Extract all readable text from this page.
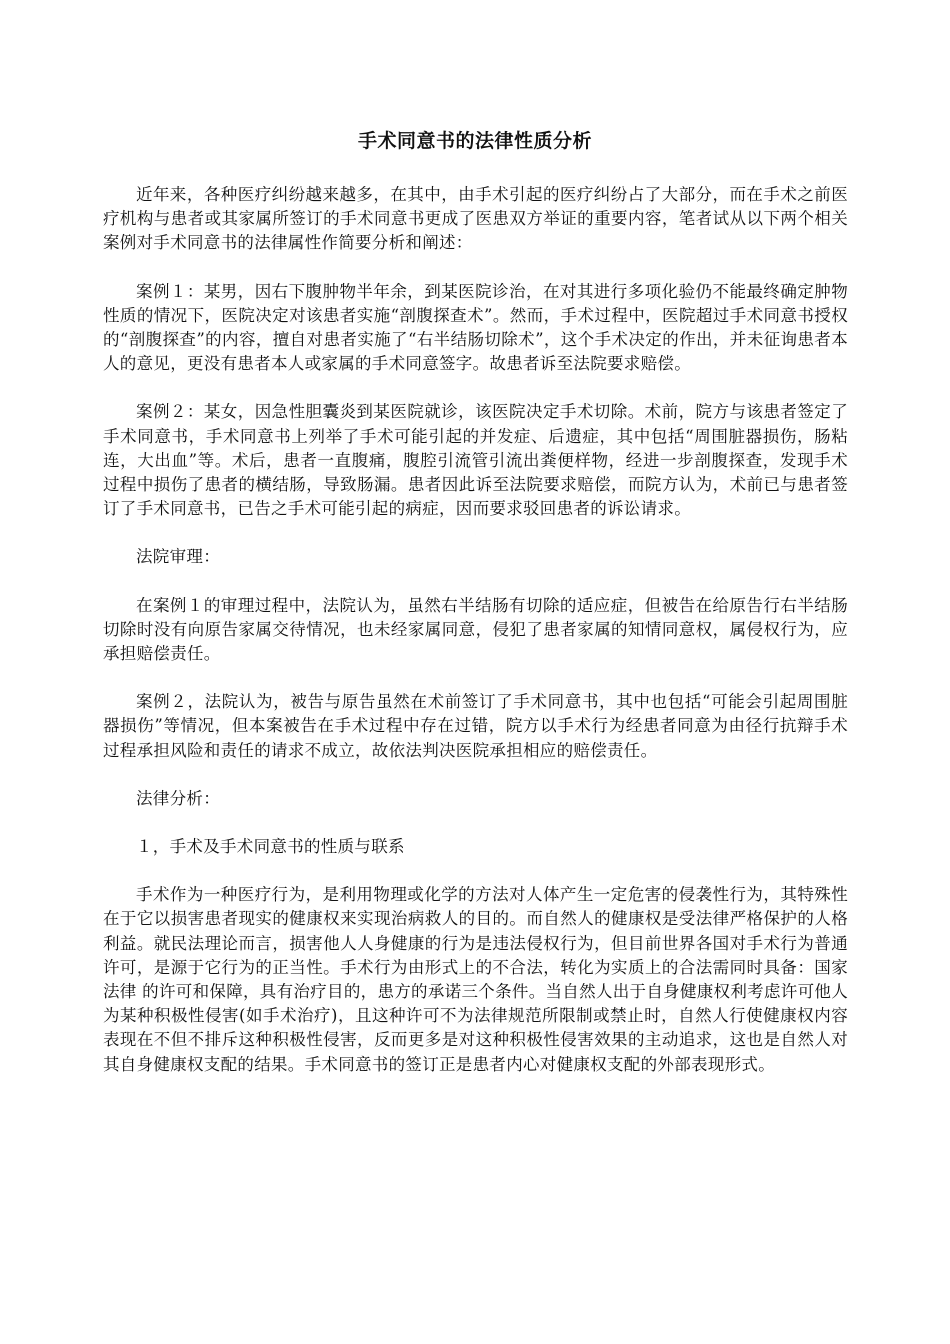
手术同意书的法律性质分析

近年来，各种医疗纠纷越来越多，在其中，由手术引起的医疗纠纷占了大部分，而在手术之前医疗机构与患者或其家属所签订的手术同意书更成了医患双方举证的重要内容，笔者试从以下两个相关案例对手术同意书的法律属性作简要分析和阐述：

案例１：某男，因右下腹肿物半年余，到某医院诊治，在对其进行多项化验仍不能最终确定肿物性质的情况下，医院决定对该患者实施“剖腹探查术”。然而，手术过程中，医院超过手术同意书授权的“剖腹探查”的内容，擅自对患者实施了“右半结肠切除术”，这个手术决定的作出，并未征询患者本人的意见，更没有患者本人或家属的手术同意签字。故患者诉至法院要求赔偿。

案例２：某女，因急性胆囊炎到某医院就诊，该医院决定手术切除。术前，院方与该患者签定了手术同意书，手术同意书上列举了手术可能引起的并发症、后遗症，其中包括“周围脏器损伤，肠粘连，大出血”等。术后，患者一直腹痛，腹腔引流管引流出粪便样物，经进一步剖腹探查，发现手术过程中损伤了患者的横结肠，导致肠漏。患者因此诉至法院要求赔偿，而院方认为，术前已与患者签订了手术同意书，已告之手术可能引起的病症，因而要求驳回患者的诉讼请求。

法院审理：

在案例１的审理过程中，法院认为，虽然右半结肠有切除的适应症，但被告在给原告行右半结肠切除时没有向原告家属交待情况，也未经家属同意，侵犯了患者家属的知情同意权，属侵权行为，应承担赔偿责任。

案例２，法院认为，被告与原告虽然在术前签订了手术同意书，其中也包括“可能会引起周围脏器损伤”等情况，但本案被告在手术过程中存在过错，院方以手术行为经患者同意为由径行抗辩手术过程承担风险和责任的请求不成立，故依法判决医院承担相应的赔偿责任。

法律分析：

１，手术及手术同意书的性质与联系

手术作为一种医疗行为，是利用物理或化学的方法对人体产生一定危害的侵袭性行为，其特殊性在于它以损害患者现实的健康权来实现治病救人的目的。而自然人的健康权是受法律严格保护的人格利益。就民法理论而言，损害他人人身健康的行为是违法侵权行为，但目前世界各国对手术行为普通许可，是源于它行为的正当性。手术行为由形式上的不合法，转化为实质上的合法需同时具备：国家法律 的许可和保障，具有治疗目的，患方的承诺三个条件。当自然人出于自身健康权利考虑许可他人为某种积极性侵害(如手术治疗)，且这种许可不为法律规范所限制或禁止时，自然人行使健康权内容表现在不但不排斥这种积极性侵害，反而更多是对这种积极性侵害效果的主动追求，这也是自然人对其自身健康权支配的结果。手术同意书的签订正是患者内心对健康权支配的外部表现形式。
